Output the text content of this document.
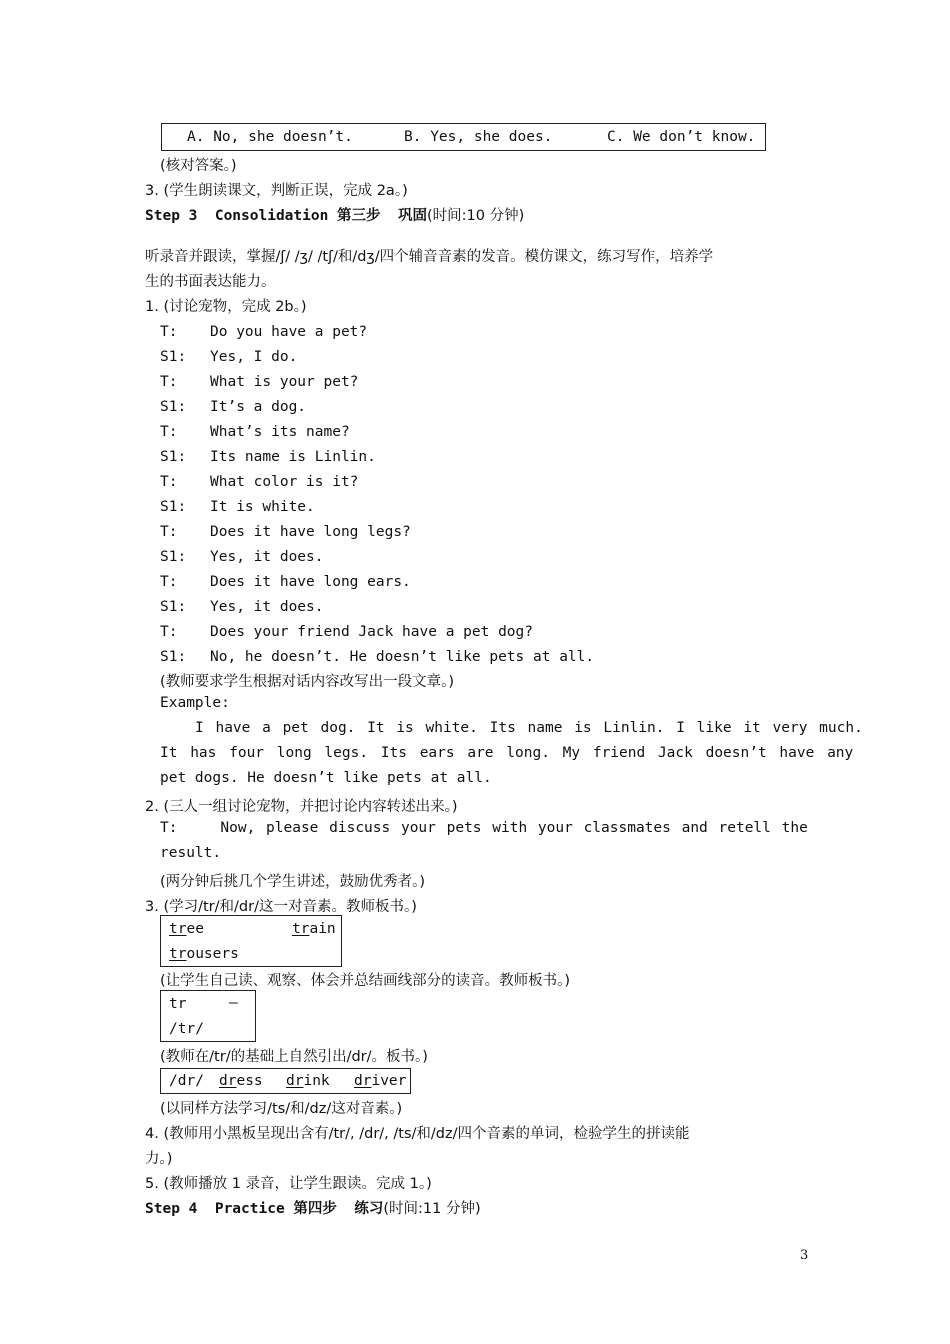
A. No, she doesn’t.	B. Yes, she does.	C. We don’t know.
(核对答案。)
3. (学生朗读课文，判断正误，完成 2a。)
Step 3  Consolidation 第三步  巩固(时间:10 分钟)
听录音并跟读，掌握/ʃ/ /ʒ/ /tʃ/和/dʒ/四个辅音音素的发音。模仿课文，练习写作，培养学
生的书面表达能力。
1. (讨论宠物，完成 2b。)
T: Do you have a pet?
S1: Yes, I do.
T: What is your pet?
S1: It’s a dog.
T: What’s its name?
S1: Its name is Linlin.
T: What color is it?
S1: It is white.
T: Does it have long legs?
S1: Yes, it does.
T: Does it have long ears.
S1: Yes, it does.
T: Does your friend Jack have a pet dog?
S1: No, he doesn’t. He doesn’t like pets at all.
(教师要求学生根据对话内容改写出一段文章。)
Example:
I have a pet dog. It is white. Its name is Linlin. I like it very much.
It has four long legs. Its ears are long. My friend Jack doesn’t have any
pet dogs. He doesn’t like pets at all.
2. (三人一组讨论宠物，并把讨论内容转述出来。)
T:    Now, please discuss your pets with your classmates and retell the
result.
(两分钟后挑几个学生讲述，鼓励优秀者。)
3. (学习/tr/和/dr/这一对音素。教师板书。)
tree	train
trousers
(让学生自己读、观察、体会并总结画线部分的读音。教师板书。)
tr	—
/tr/
(教师在/tr/的基础上自然引出/dr/。板书。)
/dr/ dress drink driver
(以同样方法学习/ts/和/dz/这对音素。)
4. (教师用小黑板呈现出含有/tr/, /dr/, /ts/和/dz/四个音素的单词，检验学生的拼读能
力。)
5. (教师播放 1 录音，让学生跟读。完成 1。)
Step 4  Practice 第四步  练习(时间:11 分钟)
3
